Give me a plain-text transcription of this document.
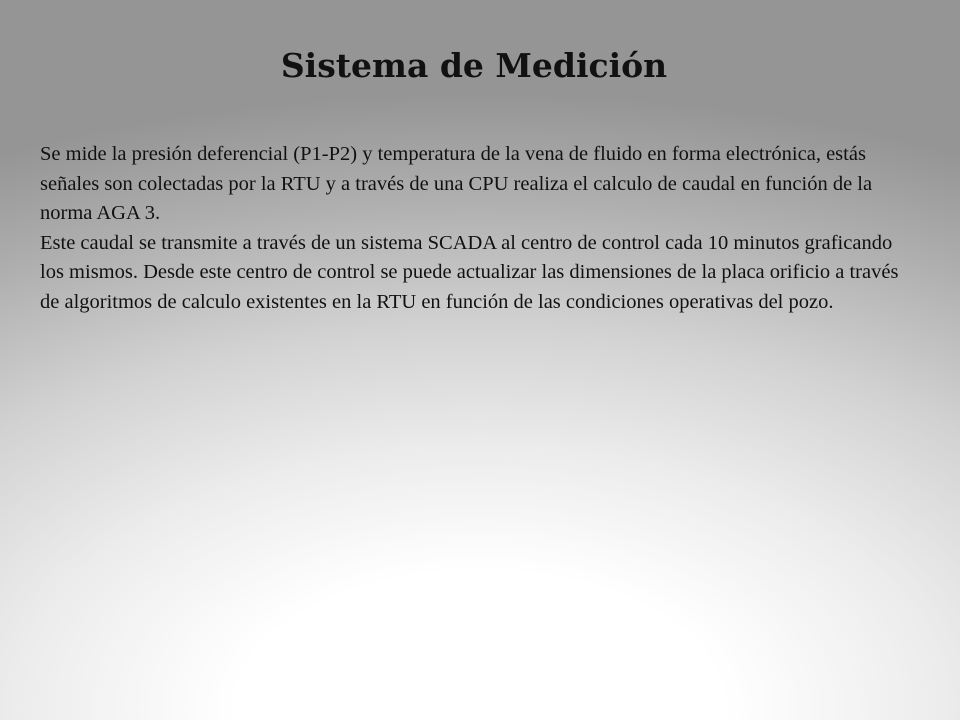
Sistema de Medición

Se mide la presión deferencial (P1-P2) y temperatura de la vena de fluido en forma electrónica, estás señales son colectadas por la RTU y a través de una CPU realiza el calculo de caudal en función de la norma AGA 3.

Este caudal se transmite a través de un sistema SCADA al centro de control cada 10 minutos graficando los mismos. Desde este centro de control se puede actualizar las dimensiones de la placa orificio a través de algoritmos de calculo existentes en la RTU en función de las condiciones operativas del pozo.
